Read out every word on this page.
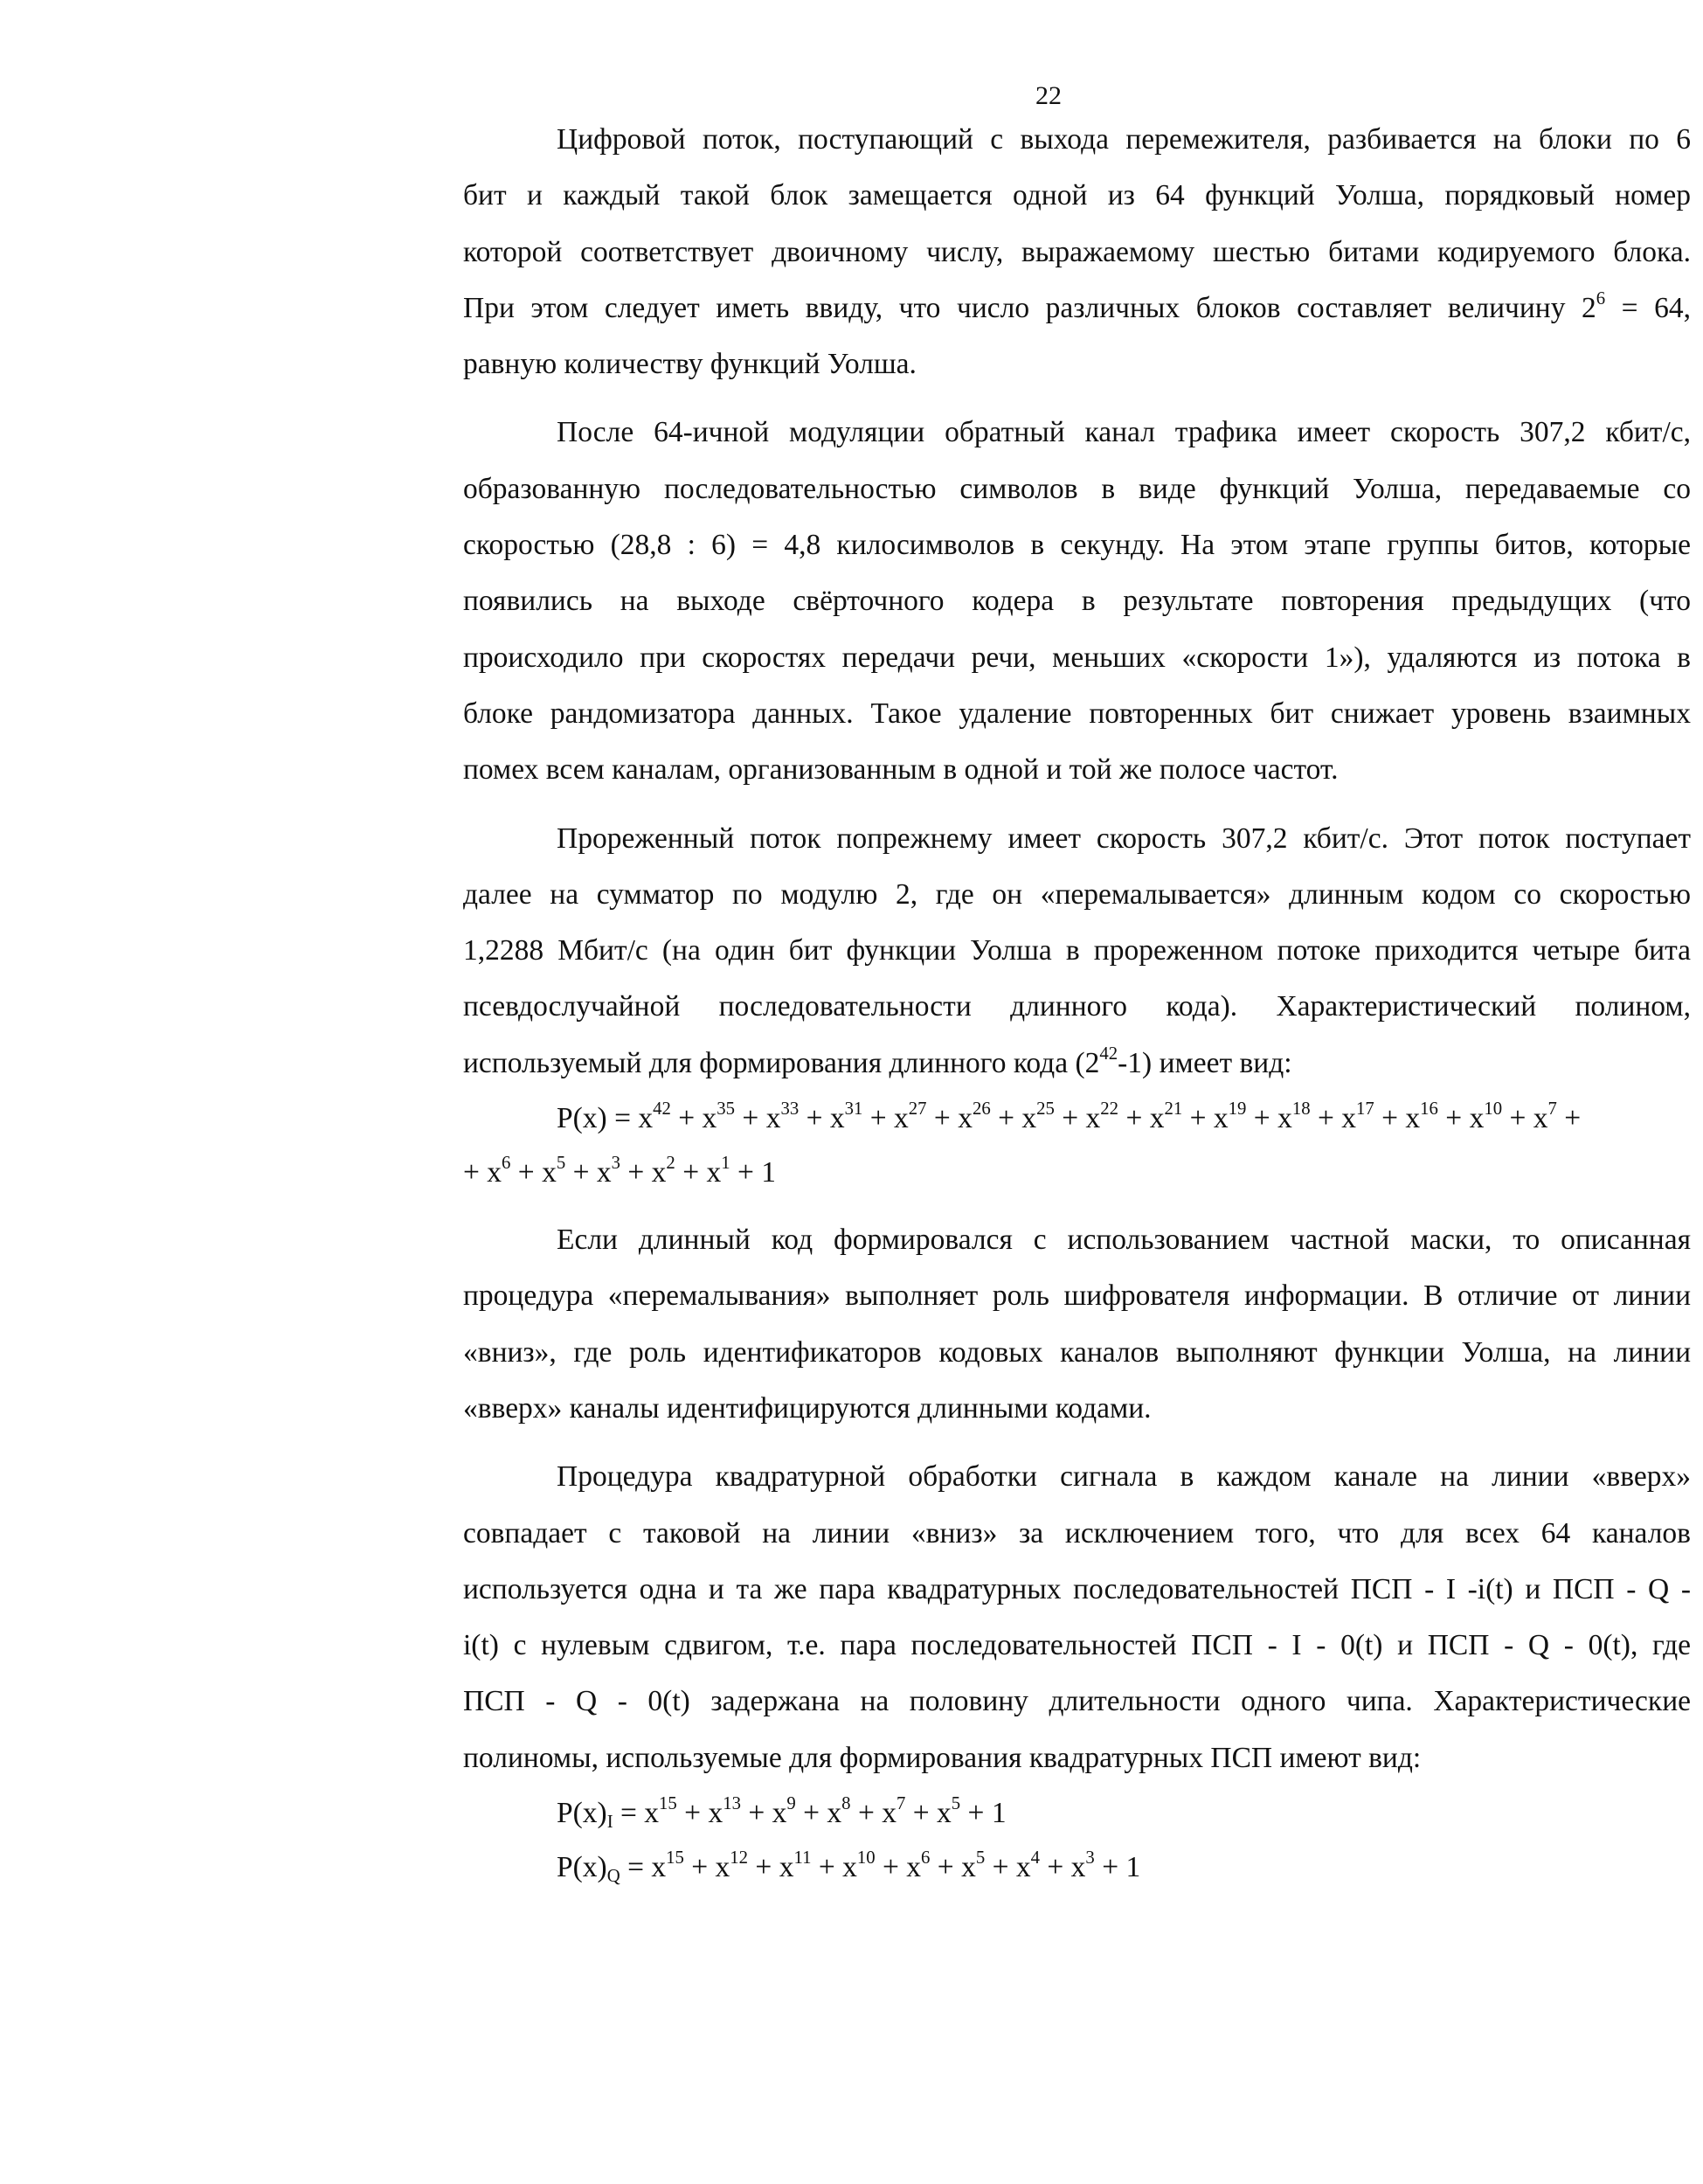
22
Цифровой поток, поступающий с выхода перемежителя, разбивается на блоки по 6
бит и каждый такой блок замещается одной из 64 функций Уолша, порядковый номер
которой соответствует двоичному числу, выражаемому шестью битами кодируемого блока.
При этом следует иметь ввиду, что число различных блоков составляет величину $2^6 = 64$,
равную количеству функций Уолша.
После 64-ичной модуляции обратный канал трафика имеет скорость 307,2 кбит/с,
образованную последовательностью символов в виде функций Уолша, передаваемые со
скоростью (28,8 : 6) = 4,8 килосимволов в секунду. На этом этапе группы битов, которые
появились на выходе свёрточного кодера в результате повторения предыдущих (что
происходило при скоростях передачи речи, меньших «скорости 1»), удаляются из потока в
блоке рандомизатора данных. Такое удаление повторенных бит снижает уровень взаимных
помех всем каналам, организованным в одной и той же полосе частот.
Прореженный поток попрежнему имеет скорость 307,2 кбит/с. Этот поток поступает
далее на сумматор по модулю 2, где он «перемалывается» длинным кодом со скоростью
1,2288 Мбит/с (на один бит функции Уолша в прореженном потоке приходится четыре бита
псевдослучайной последовательности длинного кода). Характеристический полином,
используемый для формирования длинного кода $(2^{42}-1)$ имеет вид:
$P(x) = x^{42} + x^{35} + x^{33} + x^{31} + x^{27} + x^{26} + x^{25} + x^{22} + x^{21} + x^{19} + x^{18} + x^{17} + x^{16} + x^{10} + x^7$ +
+ $x^6 + x^5 + x^3 + x^2 + x^1 + 1$
Если длинный код формировался с использованием частной маски, то описанная
процедура «перемалывания» выполняет роль шифрователя информации. В отличие от линии
«вниз», где роль идентификаторов кодовых каналов выполняют функции Уолша, на линии
«вверх» каналы идентифицируются длинными кодами.
Процедура квадратурной обработки сигнала в каждом канале на линии «вверх»
совпадает с таковой на линии «вниз» за исключением того, что для всех 64 каналов
используется одна и та же пара квадратурных последовательностей ПСП - I -i(t) и ПСП - Q -
i(t) с нулевым сдвигом, т.е. пара последовательностей ПСП - I - 0(t) и ПСП - Q - 0(t), где
ПСП - Q - 0(t) задержана на половину длительности одного чипа. Характеристические
полиномы, используемые для формирования квадратурных ПСП имеют вид:
$P(x)_I = x^{15} + x^{13} + x^9 + x^8 + x^7 + x^5 + 1$
$P(x)_Q = x^{15} + x^{12} + x^{11} + x^{10} + x^6 + x^5 + x^4 + x^3 + 1$
